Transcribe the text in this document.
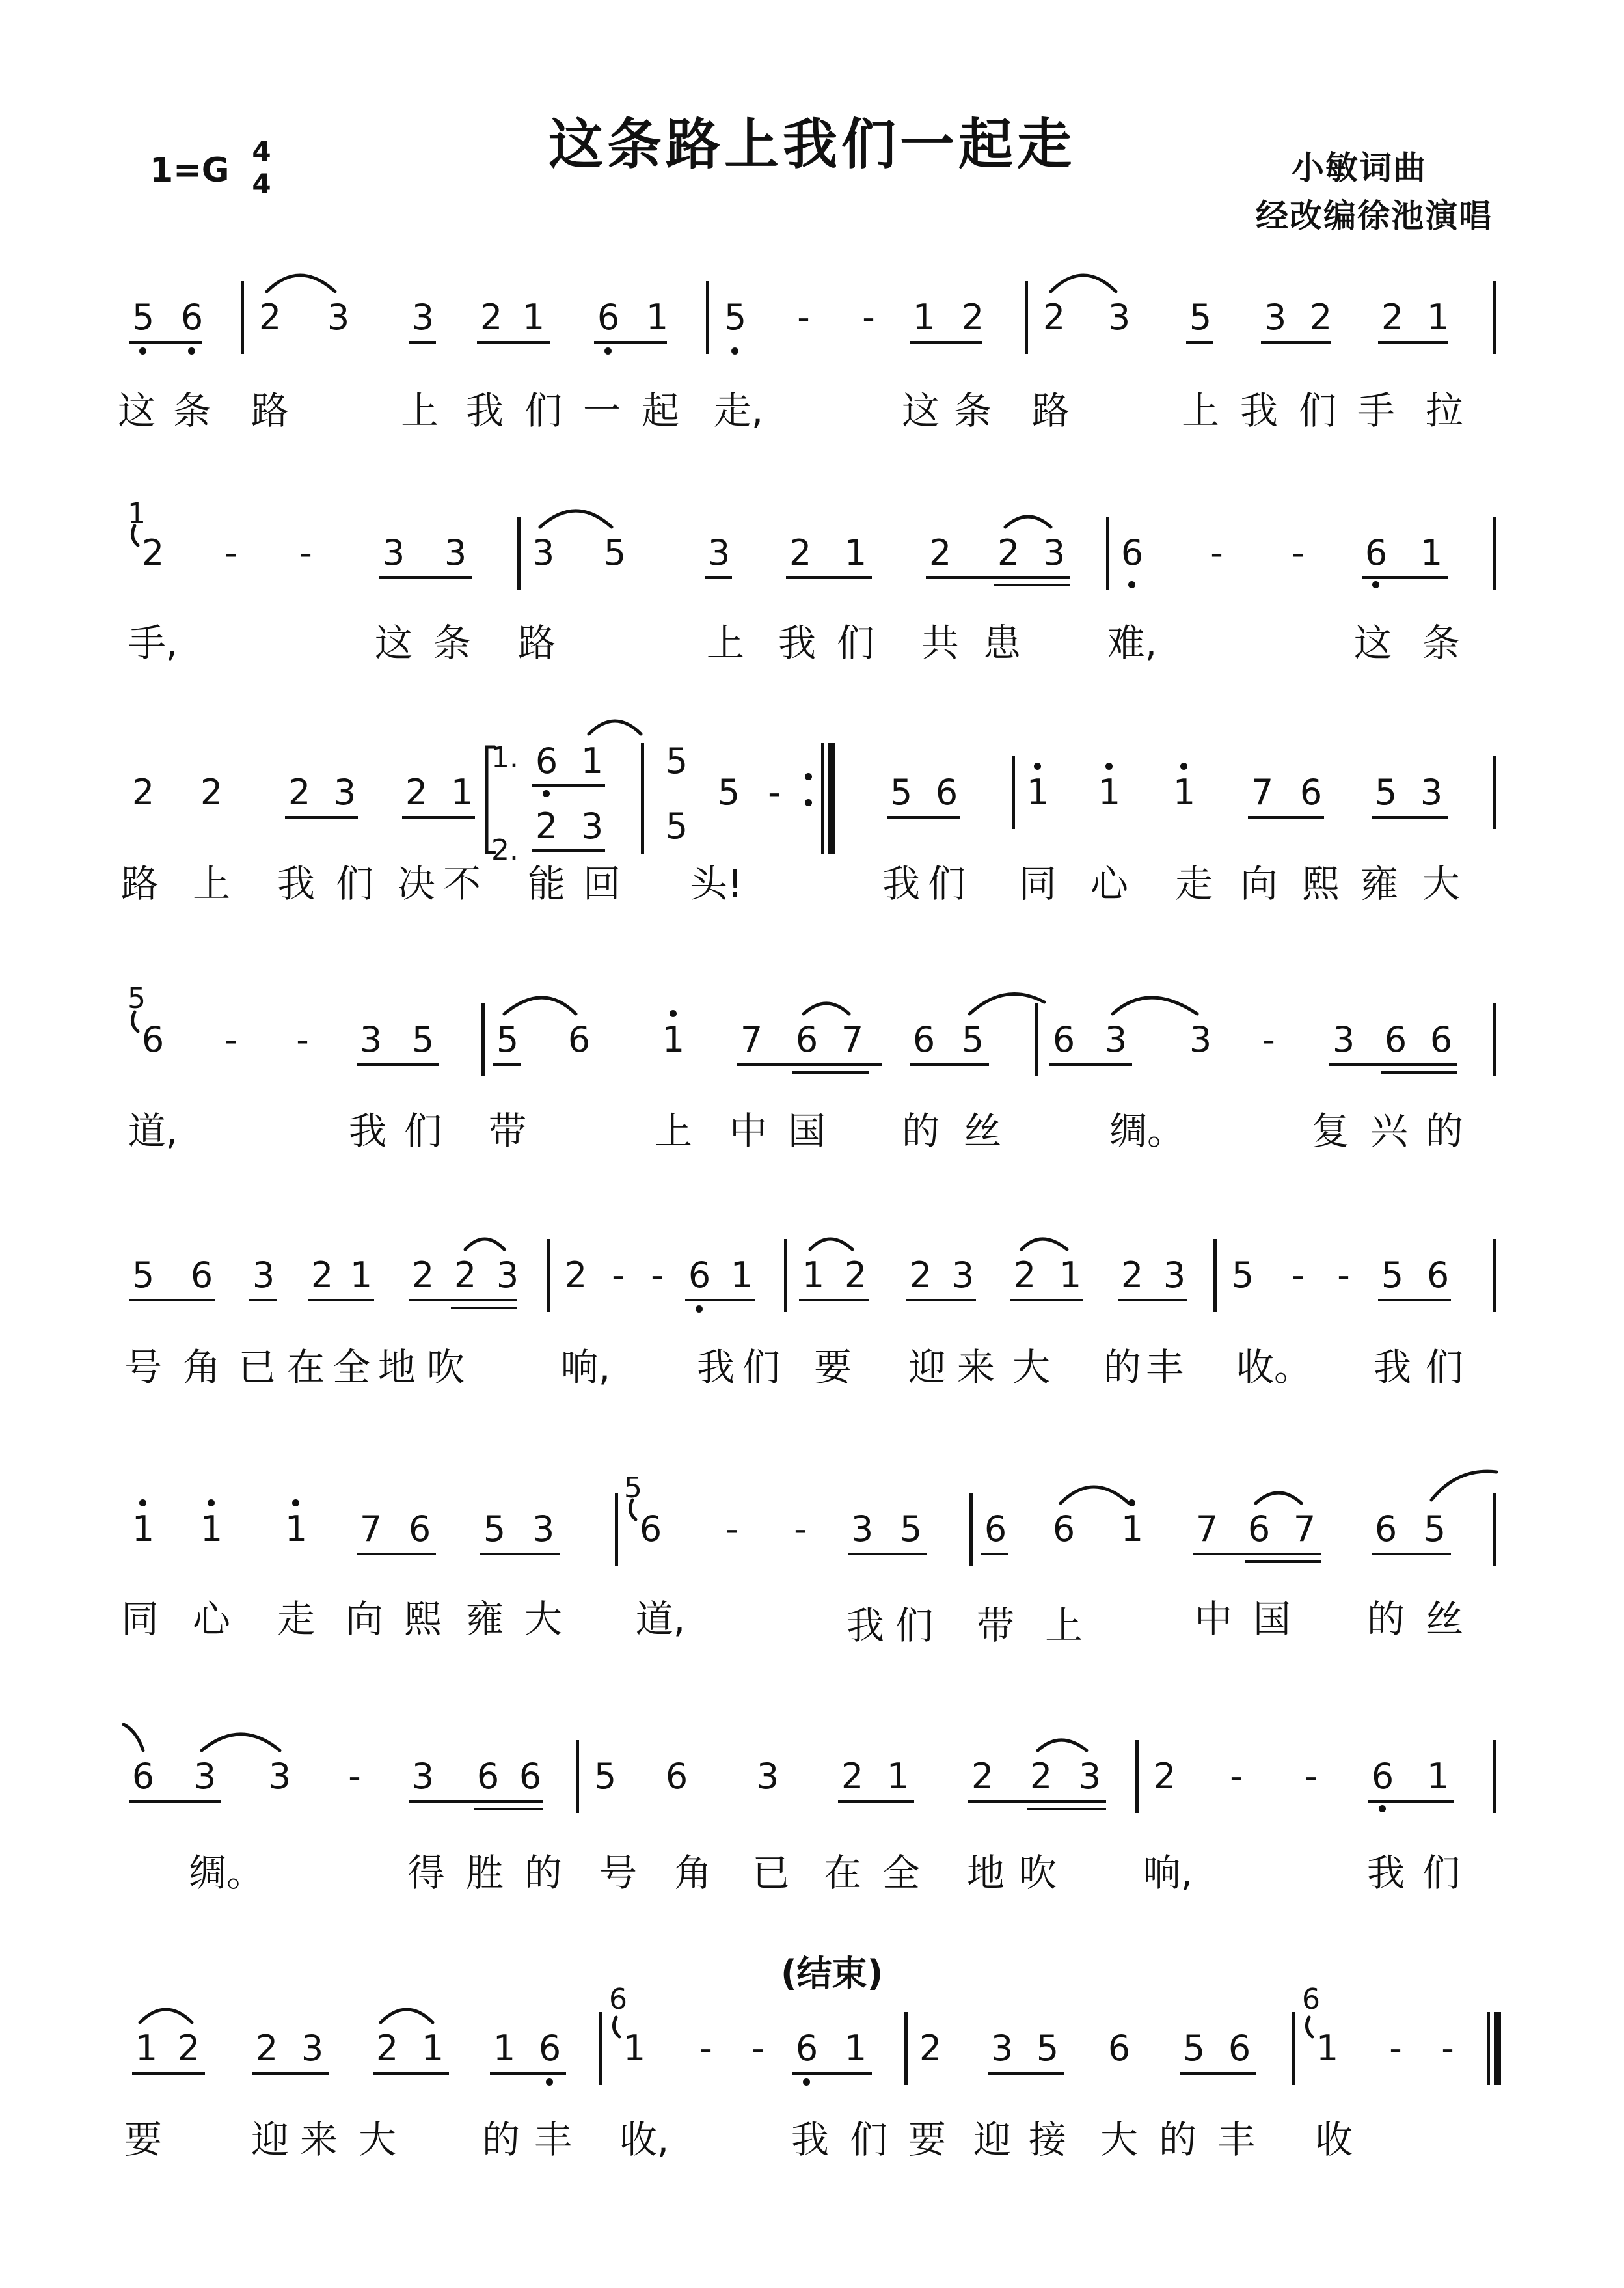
这条路上我们一起走
1=G 4
4	小敏词曲
经改编徐池演唱
(结束)
5 6 2 3 3 2 1 6 1 5 - - 1 2 2 3 5 3 2 2 1
这 条 路	上 我 们 一 起 走,	这 条 路	上 我 们 手 拉
1
2 - - 3 3 3 5 3 2 1 2 2 3 6 - - 6 1
手,	这 条 路	上 我 们 共 患 难,	这 条
2 2 2 3 2 1
1.
2.
6 1
2 3
5
5
5 -	5 6 1 1 1 7 6 5 3
路 上 我 们 决 不 能 回 头!	我 们 同 心 走 向 熙 雍 大
5
6 - - 3 5 5 6 1 7 6 7 6 5 6 3 3 - 3 6 6
道,	我 们 带	上 中 国 的 丝	绸。	复 兴 的
5 6 3 2 1 2 2 3 2 - - 6 1 1 2 2 3 2 1 2 3 5 - - 5 6
号 角 已 在 全 地 吹	响, 我 们 要 迎 来 大 的 丰 收。 我 们
1 1 1 7 6 5 3
5
6 - - 3 5 6 6 1 7 6 7 6 5
同 心 走 向 熙 雍 大 道,	我 们 带 上	中 国 的 丝
6 3 3 - 3 6 6 5 6 3 2 1 2 2 3 2 - - 6 1
绸。	得 胜 的 号 角 已 在 全 地 吹 响,	我 们
1 2 2 3 2 1 1 6
6
1 - - 6 1 2 3 5 6 5 6
6
1 - -
要 迎 来 大 的 丰 收,	我 们 要 迎 接 大 的 丰 收
